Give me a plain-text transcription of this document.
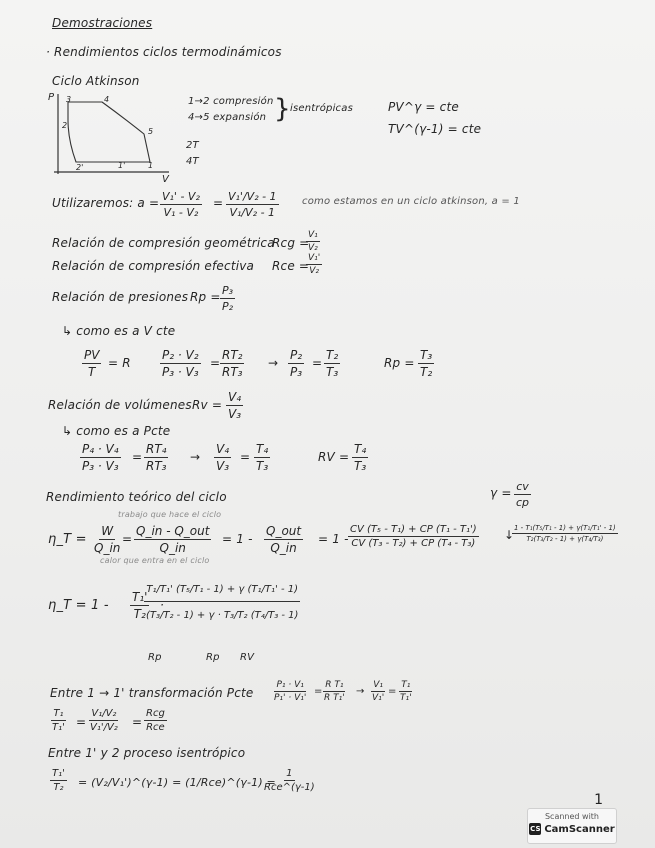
Demostraciones
· Rendimientos ciclos termodinámicos
Ciclo Atkinson
P
V
3	4
2
5
2'	1'	1
1→2 compresión
4→5 expansión } isentrópicas	PV^γ = cte
TV^(γ-1) = cte
2T
4T
Utilizaremos: $a = \frac{\text{V₁' - V₂}}{\text{V₁ - V₂}} = \frac{\text{V₁'/V₂ - 1}}{\text{V₁/V₂ - 1}}$ como estamos en un ciclo atkinson, a = 1
Relación de compresión geométrica
Rcg =
$\frac{\text{V₁}}{\text{V₂}}$
Relación de compresión efectiva Rce =
$\frac{\text{V₁'}}{\text{V₂}}$
Relación de presiones $Rp = \frac{\text{P₃}}{\text{P₂}}$
↳ como es a V cte
$\frac{PV}{T} = R \frac{\text{P₂ · V₂}}{\text{P₃ · V₃}} = \frac{\text{RT₂}}{\text{RT₃}} \to \frac{\text{P₂}}{\text{P₃}} = \frac{\text{T₂}}{\text{T₃}}$	$Rp = \frac{\text{T₃}}{\text{T₂}}$
Relación de volúmenes $Rv = \frac{\text{V₄}}{\text{V₃}}$
↳ como es a Pcte
$\frac{\text{P₄ · V₄}}{\text{P₃ · V₃}} = \frac{\text{RT₄}}{\text{RT₃}} \to \frac{\text{V₄}}{\text{V₃}} = \frac{\text{T₄}}{\text{T₃}}$	RV = $\frac{\text{T₄}}{\text{T₃}}$
Rendimiento teórico del ciclo	$\gamma = \frac{cv}{cp}$
trabajo que hace el ciclo
η_T = $\frac{W}{Q\_in}$ =
Q_in - Q_out
Q_in
= 1 -
Q_out
Q_in
= $1 - \frac{\text{CV (T₅ - T₁) + CP (T₁ - T₁')}}{\text{CV (T₃ - T₂) + CP (T₄ - T₃)}}$
calor que entra en el ciclo
↓
$\frac{\text{1 - T₁(T₅/T₁ - 1) + γ(T₁/T₁' - 1)}}{\text{T₂(T₃/T₂ - 1) + γ(T₄/T₃)}}$
η_T = $1 - \frac{\text{T₁'}}{\text{T₂}}$ ·
$\frac{\text{T₁/T₁' (T₅/T₁ - 1) + γ (T₁/T₁' - 1)}}{\text{(T₃/T₂ - 1) + γ · T₃/T₂ (T₄/T₃ - 1)}}$
Rp	Rp RV
Entre 1 → 1' transformación Pcte $\frac{\text{P₁ · V₁}}{\text{P₁' · V₁'}} = \frac{\text{R T₁}}{\text{R T₁'}} \to \frac{\text{V₁}}{\text{V₁'}} = \frac{\text{T₁}}{\text{T₁'}}$
$\frac{\text{T₁}}{\text{T₁'}} = \frac{\text{V₁/V₂}}{\text{V₁'/V₂}}$ =
Rcg
Rce
Entre 1' y 2 proceso isentrópico
$\frac{\text{T₁'}}{\text{T₂}}$ = (V₂/V₁')^(γ-1) = (1/Rce)^(γ-1) =
1
Rce^(γ-1)
1
Scanned with
CS CamScanner
